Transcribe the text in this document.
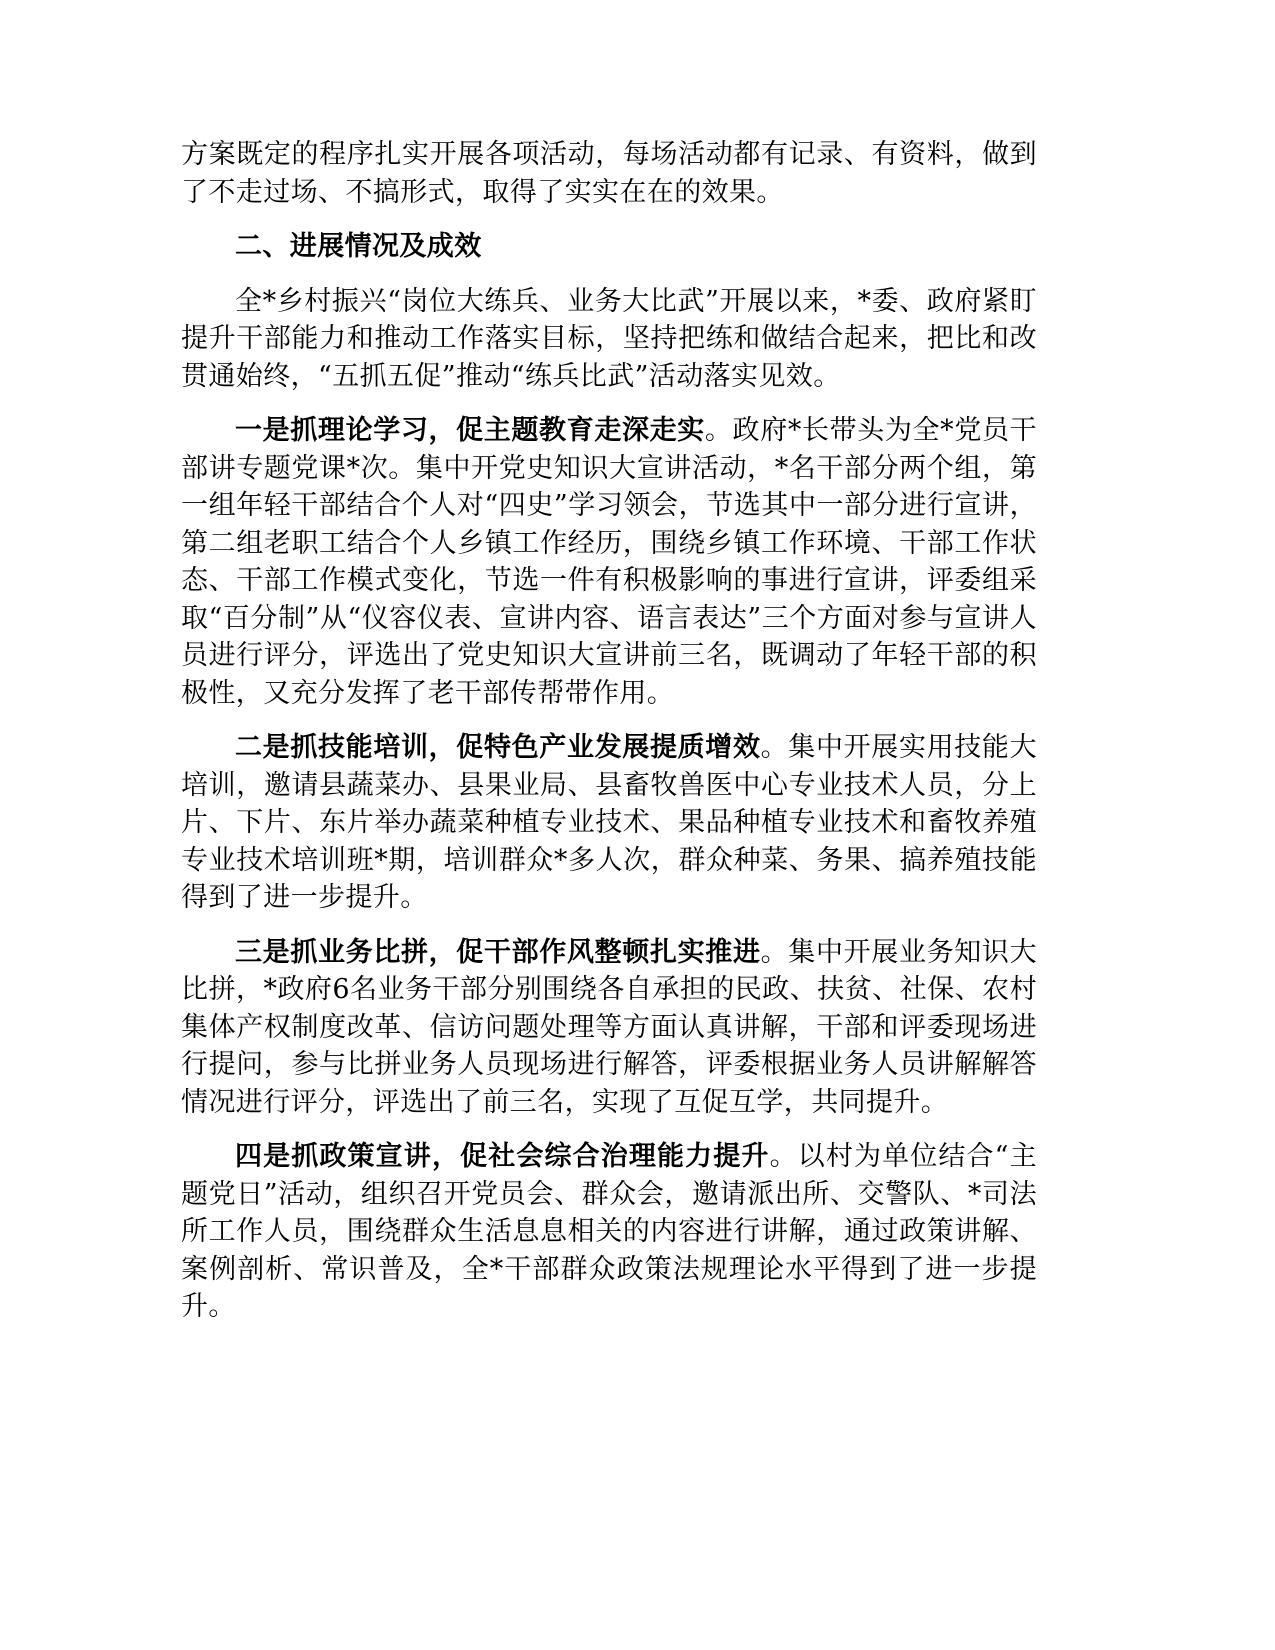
方案既定的程序扎实开展各项活动，每场活动都有记录、有资料，做到了不走过场、不搞形式，取得了实实在在的效果。

二、进展情况及成效

全*乡村振兴“岗位大练兵、业务大比武”开展以来，*委、政府紧盯提升干部能力和推动工作落实目标，坚持把练和做结合起来，把比和改贯通始终，“五抓五促”推动“练兵比武”活动落实见效。

一是抓理论学习，促主题教育走深走实。政府*长带头为全*党员干部讲专题党课*次。集中开党史知识大宣讲活动，*名干部分两个组，第一组年轻干部结合个人对“四史”学习领会，节选其中一部分进行宣讲，第二组老职工结合个人乡镇工作经历，围绕乡镇工作环境、干部工作状态、干部工作模式变化，节选一件有积极影响的事进行宣讲，评委组采取“百分制”从“仪容仪表、宣讲内容、语言表达”三个方面对参与宣讲人员进行评分，评选出了党史知识大宣讲前三名，既调动了年轻干部的积极性，又充分发挥了老干部传帮带作用。

二是抓技能培训，促特色产业发展提质增效。集中开展实用技能大培训，邀请县蔬菜办、县果业局、县畜牧兽医中心专业技术人员，分上片、下片、东片举办蔬菜种植专业技术、果品种植专业技术和畜牧养殖专业技术培训班*期，培训群众*多人次，群众种菜、务果、搞养殖技能得到了进一步提升。

三是抓业务比拼，促干部作风整顿扎实推进。集中开展业务知识大比拼，*政府6名业务干部分别围绕各自承担的民政、扶贫、社保、农村集体产权制度改革、信访问题处理等方面认真讲解，干部和评委现场进行提问，参与比拼业务人员现场进行解答，评委根据业务人员讲解解答情况进行评分，评选出了前三名，实现了互促互学，共同提升。

四是抓政策宣讲，促社会综合治理能力提升。以村为单位结合“主题党日”活动，组织召开党员会、群众会，邀请派出所、交警队、*司法所工作人员，围绕群众生活息息相关的内容进行讲解，通过政策讲解、案例剖析、常识普及，全*干部群众政策法规理论水平得到了进一步提升。
